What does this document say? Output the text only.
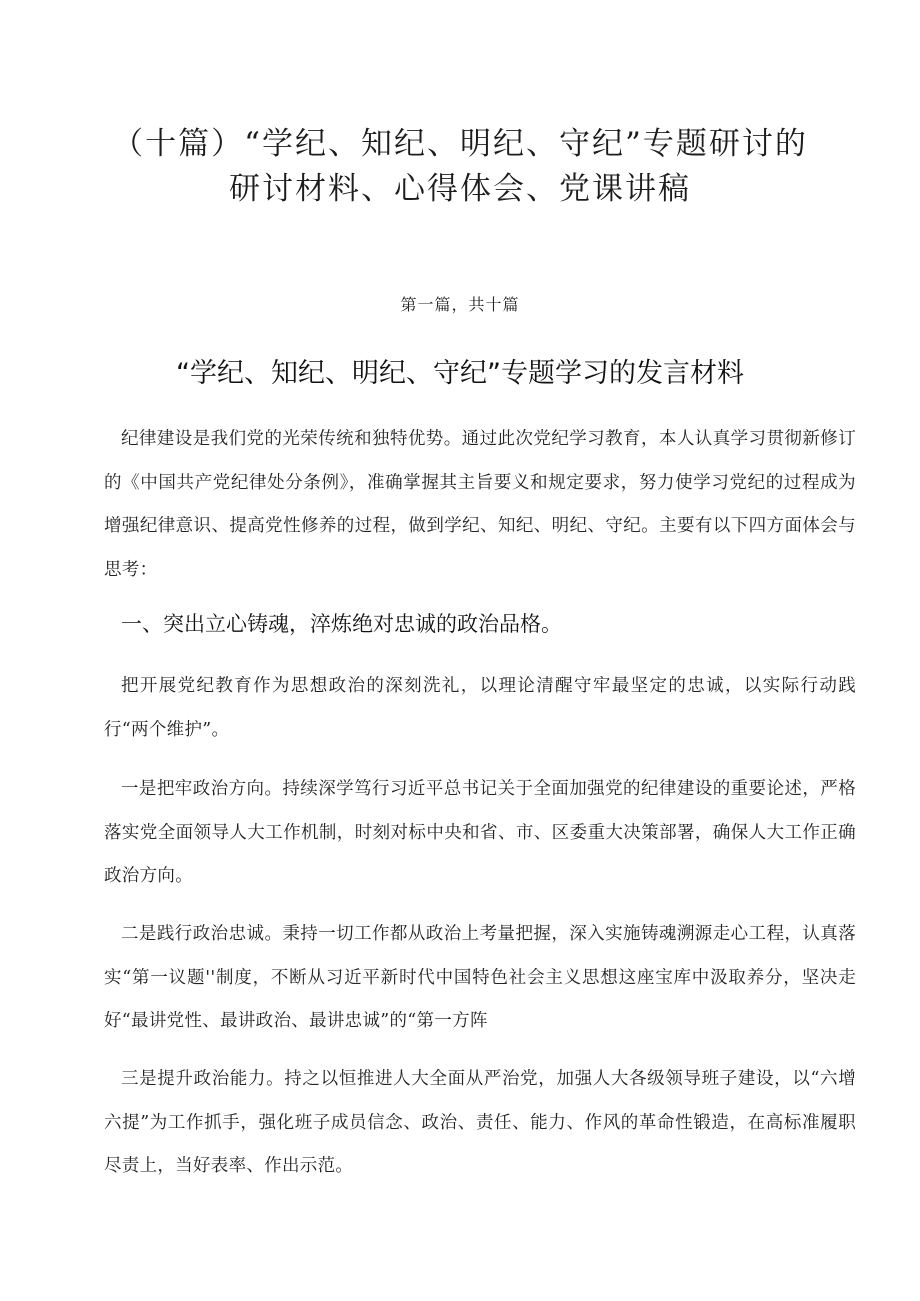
（十篇）“学纪、知纪、明纪、守纪”专题研讨的
研讨材料、心得体会、党课讲稿
第一篇，共十篇
“学纪、知纪、明纪、守纪”专题学习的发言材料

纪律建设是我们党的光荣传统和独特优势。通过此次党纪学习教育，本人认真学习贯彻新修订的《中国共产党纪律处分条例》，准确掌握其主旨要义和规定要求，努力使学习党纪的过程成为增强纪律意识、提高党性修养的过程，做到学纪、知纪、明纪、守纪。主要有以下四方面体会与思考：

一、突出立心铸魂，淬炼绝对忠诚的政治品格。

把开展党纪教育作为思想政治的深刻洗礼，以理论清醒守牢最坚定的忠诚，以实际行动践行“两个维护”。

一是把牢政治方向。持续深学笃行习近平总书记关于全面加强党的纪律建设的重要论述，严格落实党全面领导人大工作机制，时刻对标中央和省、市、区委重大决策部署，确保人大工作正确政治方向。

二是践行政治忠诚。秉持一切工作都从政治上考量把握，深入实施铸魂溯源走心工程，认真落实“第一议题''制度，不断从习近平新时代中国特色社会主义思想这座宝库中汲取养分，坚决走好“最讲党性、最讲政治、最讲忠诚”的“第一方阵

三是提升政治能力。持之以恒推进人大全面从严治党，加强人大各级领导班子建设，以“六增六提”为工作抓手，强化班子成员信念、政治、责任、能力、作风的革命性锻造，在高标准履职尽责上，当好表率、作出示范。
